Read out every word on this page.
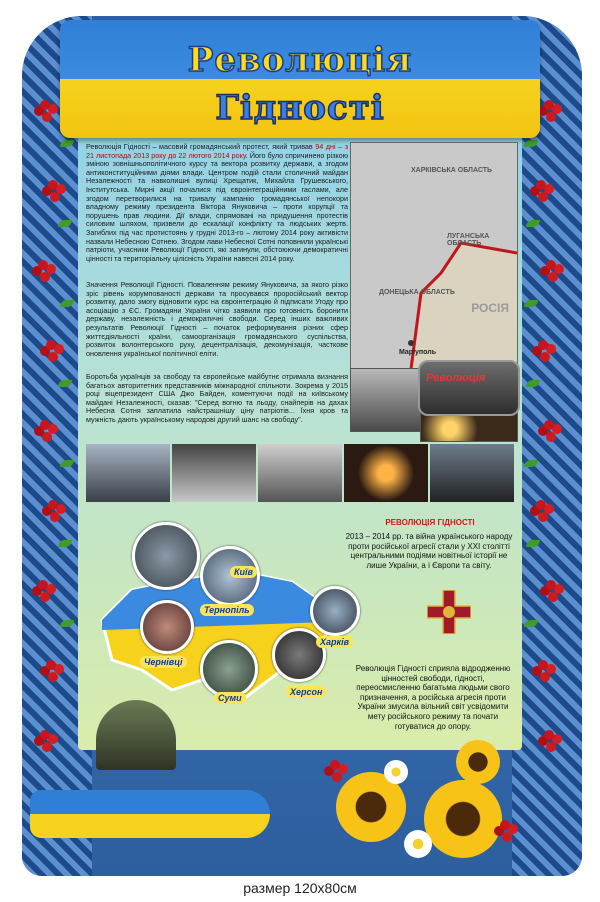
Революція
Гідності

Революція Гідності – масовий громадянський протест, який тривав 94 дні – з 21 листопада 2013 року до 22 лютого 2014 року. Його було спричинено різкою зміною зовнішньополітичного курсу та вектора розвитку держави, а згодом антиконституційними діями влади. Центром подій стали столичний майдан Незалежності та навколишні вулиці Хрещатик, Михайла Грушевського, Інститутська. Мирні акції почалися під євроінтеграційними гаслами, але згодом перетворилися на тривалу кампанію громадянської непокори владному режиму президента Віктора Януковича – проти корупції та порушень прав людини. Дії влади, спрямовані на придушення протестів силовим шляхом, призвели до ескалації конфлікту та людських жертв. Загиблих під час протистоянь у грудні 2013-го – лютому 2014 року активісти назвали Небесною Сотнею. Згодом лави Небесної Сотні поповнили українські патріоти, учасники Революції Гідності, які загинули, обстоюючи демократичні цінності та територіальну цілісність України навесні 2014 року.

Значення Революції Гідності. Поваленням режиму Януковича, за якого різко зріс рівень корумпованості держави та просувався проросійський вектор розвитку, дало змогу відновити курс на євроінтеграцію й підписати Угоду про асоціацію з ЄС. Громадяни України чітко заявили про готовність боронити державу, незалежність і демократичні свободи. Серед інших важливих результатів Революції Гідності – початок реформування різних сфер життєдіяльності країни, самоорганізація громадянського суспільства, розвиток волонтерського руху, децентралізація, декомунізація, часткове оновлення української політичної еліти.

Боротьба українців за свободу та європейське майбутнє отримала визнання багатьох авторитетних представників міжнародної спільноти. Зокрема у 2015 році віцепрезидент США Джо Байден, коментуючи події на київському майдані Незалежності, сказав: "Серед вогню та льоду, снайперів на дахах Небесна Сотня заплатила найстрашнішу ціну патріотів... Їхня кров та мужність дають українському народові другий шанс на свободу".

ХАРКІВСЬКА ОБЛАСТЬ
ЛУГАНСЬКА ОБЛАСТЬ
ДОНЕЦЬКА ОБЛАСТЬ
РОСІЯ
Маріуполь
Революція

РЕВОЛЮЦІЯ ГІДНОСТІ

2013 – 2014 рр. та війна українського народу проти російської агресії стали у ХХІ столітті центральними подіями новітньої історії не лише України, а і Європи та світу.

Революція Гідності сприяла відродженню цінностей свободи, гідності, переосмисленню багатьма людьми свого призначення, а російська агресія проти України змусила вільний світ усвідомити мету російського режиму та почати готуватися до опору.

Київ
Тернопіль
Харків
Чернівці
Херсон
Суми
размер 120х80см
